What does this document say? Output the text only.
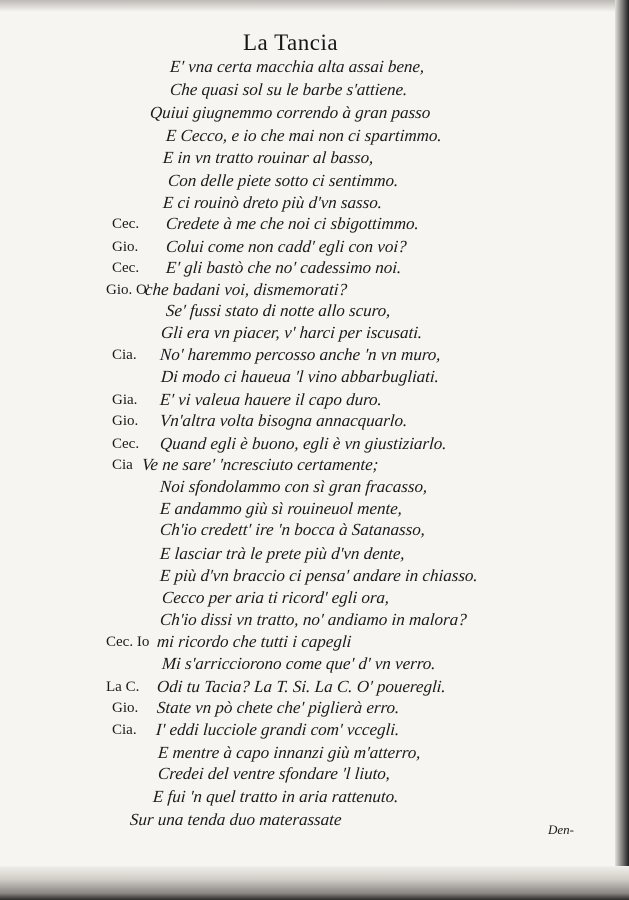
La Tancia
E' vna certa macchia alta assai bene,
Che quasi sol su le barbe s'attiene.
Quiui giugnemmo correndo à gran passo
E Cecco, e io che mai non ci spartimmo.
E in vn tratto rouinar al basso,
Con delle piete sotto ci sentimmo.
E ci rouinò dreto più d'vn sasso.
Cec. Credete à me che noi ci sbigottimmo.
Gio. Colui come non cadd' egli con voi?
Cec. E' gli bastò che no' cadessimo noi.
Gio. O'
che badani voi, dismemorati?
Se' fussi stato di notte allo scuro,
Gli era vn piacer, v' harci per iscusati.
Cia. No' haremmo percosso anche 'n vn muro,
Di modo ci haueua 'l vino abbarbugliati.
Gia. E' vi valeua hauere il capo duro.
Gio. Vn'altra volta bisogna annacquarlo.
Cec. Quand egli è buono, egli è vn giustiziarlo.
Cia Ve ne sare' 'ncresciuto certamente;
Noi sfondolammo con sì gran fracasso,
E andammo giù sì rouineuol mente,
Ch'io credett' ire 'n bocca à Satanasso,
E lasciar trà le prete più d'vn dente,
E più d'vn braccio ci pensa' andare in chiasso.
Cecco per aria ti ricord' egli ora,
Ch'io dissi vn tratto, no' andiamo in malora?
Cec. Io mi ricordo che tutti i capegli
Mi s'arricciorono come que' d' vn verro.
La C. Odi tu Tacia? La T. Si. La C. O' poueregli.
Gio. State vn pò chete che' piglierà erro.
Cia. I' eddi lucciole grandi com' vccegli.
E mentre à capo innanzi giù m'atterro,
Credei del ventre sfondare 'l liuto,
E fui 'n quel tratto in aria rattenuto.
Sur una tenda duo materassate
Den-
